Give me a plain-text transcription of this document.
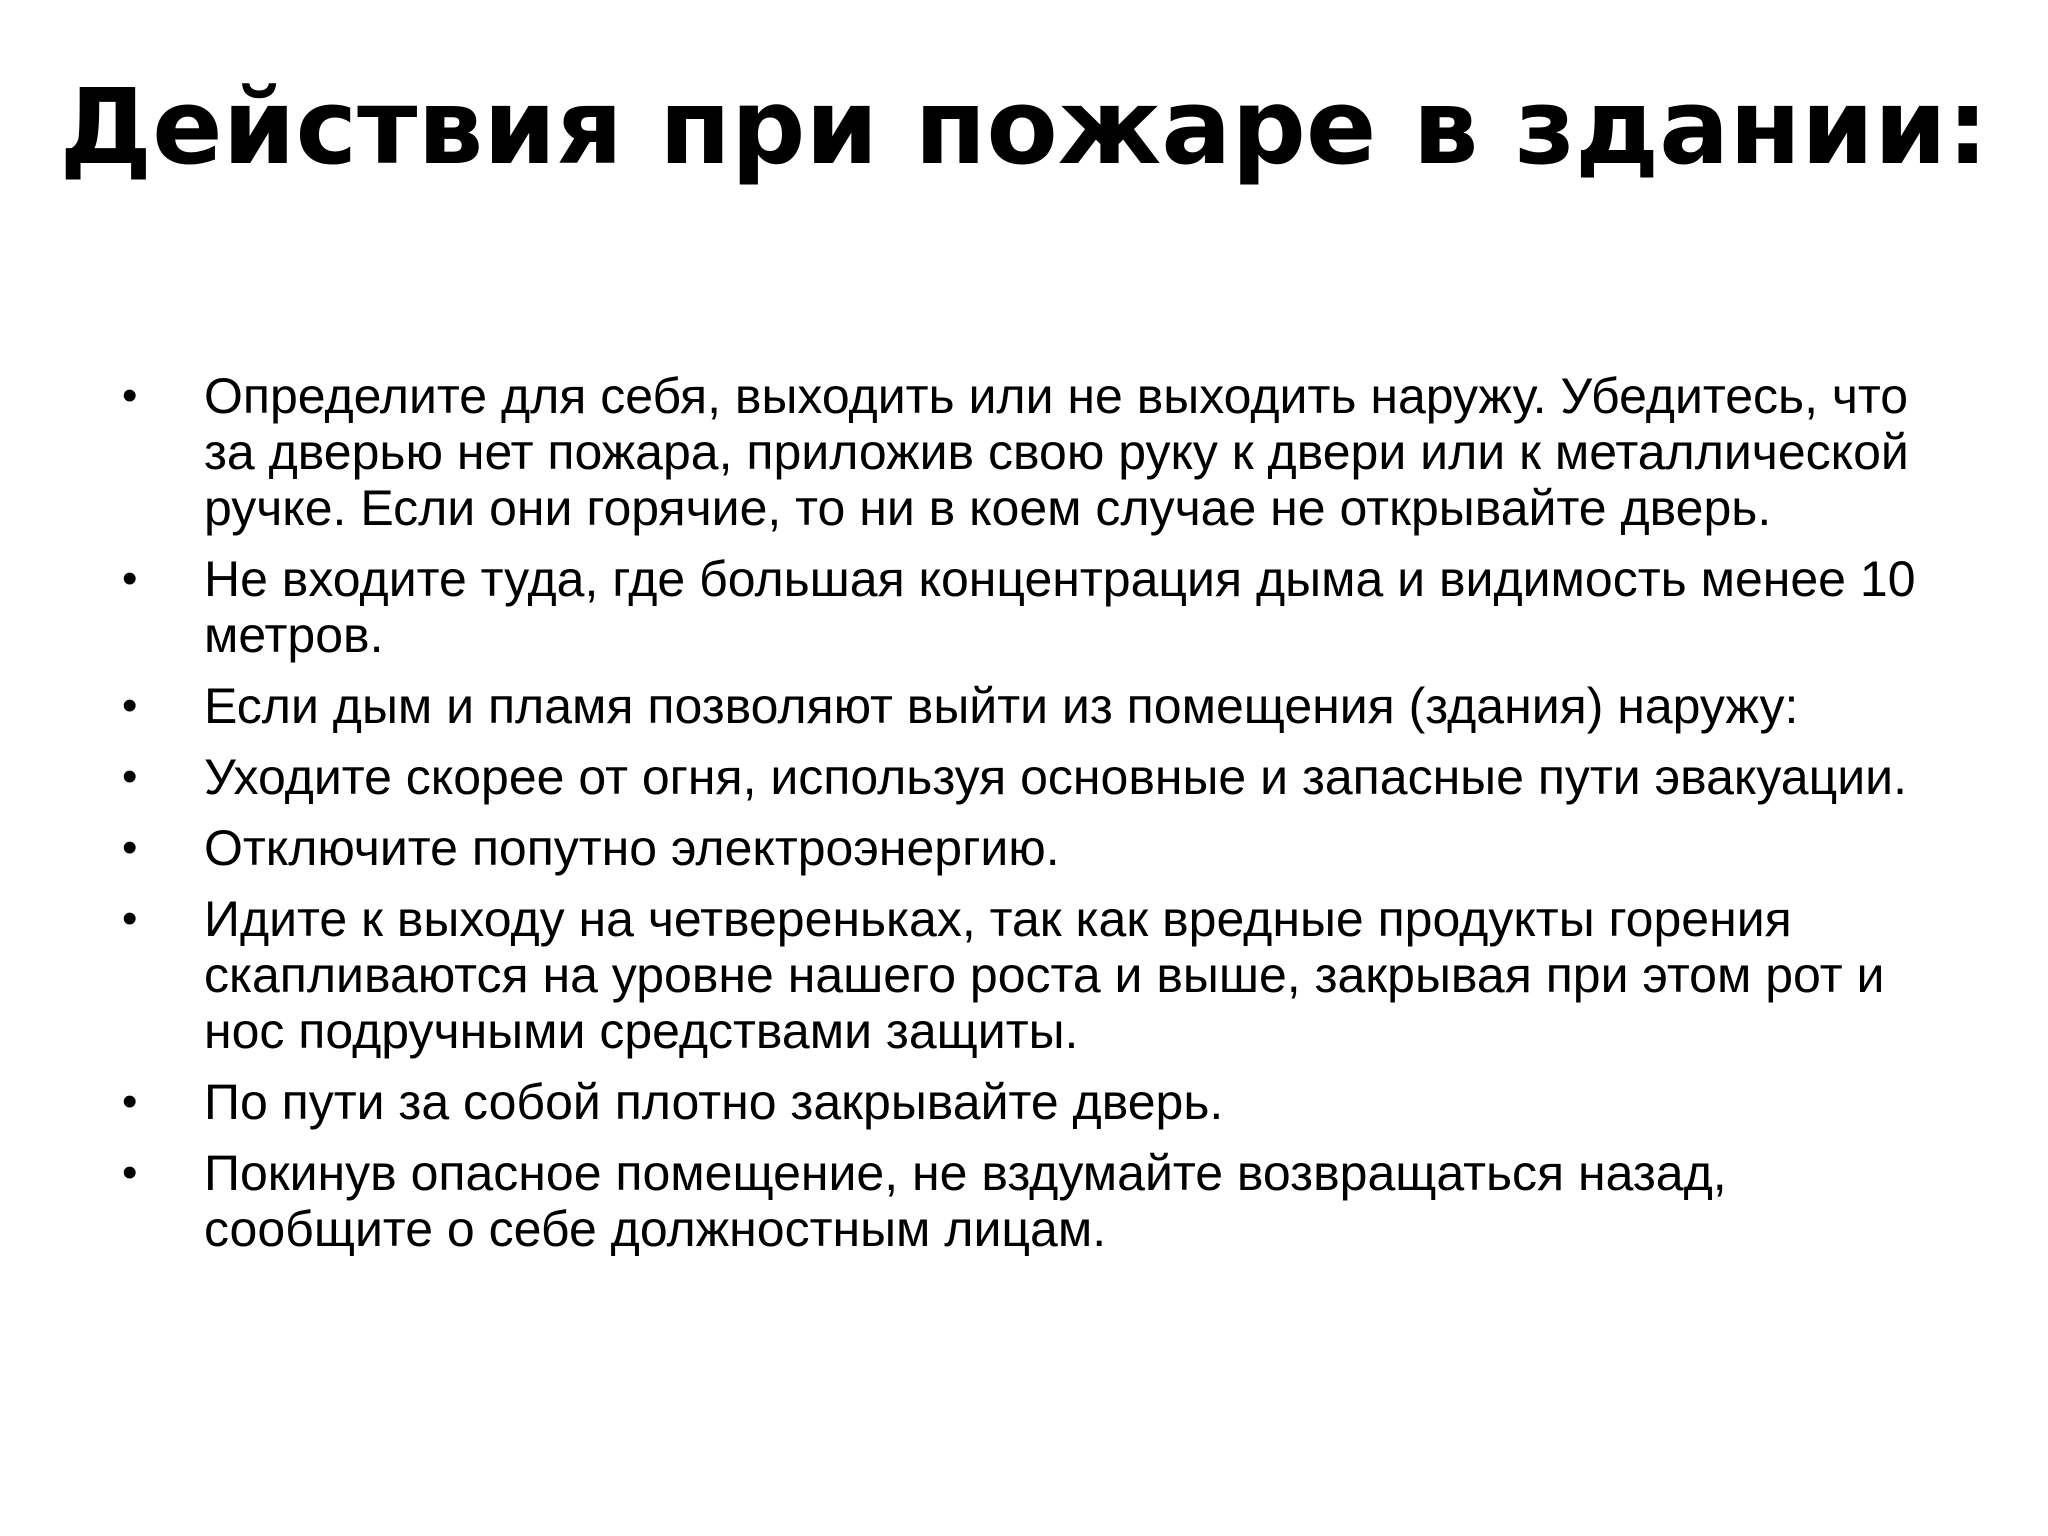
Действия при пожаре в здании:
• Определите для себя, выходить или не выходить наружу. Убедитесь, что за дверью нет пожара, приложив свою руку к двери или к металлической ручке. Если они горячие, то ни в коем случае не открывайте дверь.
• Не входите туда, где большая концентрация дыма и видимость менее 10 метров.
• Если дым и пламя позволяют выйти из помещения (здания) наружу:
• Уходите скорее от огня, используя основные и запасные пути эвакуации.
• Отключите попутно электроэнергию.
• Идите к выходу на четвереньках, так как вредные продукты горения скапливаются на уровне нашего роста и выше, закрывая при этом рот и нос подручными средствами защиты.
• По пути за собой плотно закрывайте дверь.
• Покинув опасное помещение, не вздумайте возвращаться назад, сообщите о себе должностным лицам.
